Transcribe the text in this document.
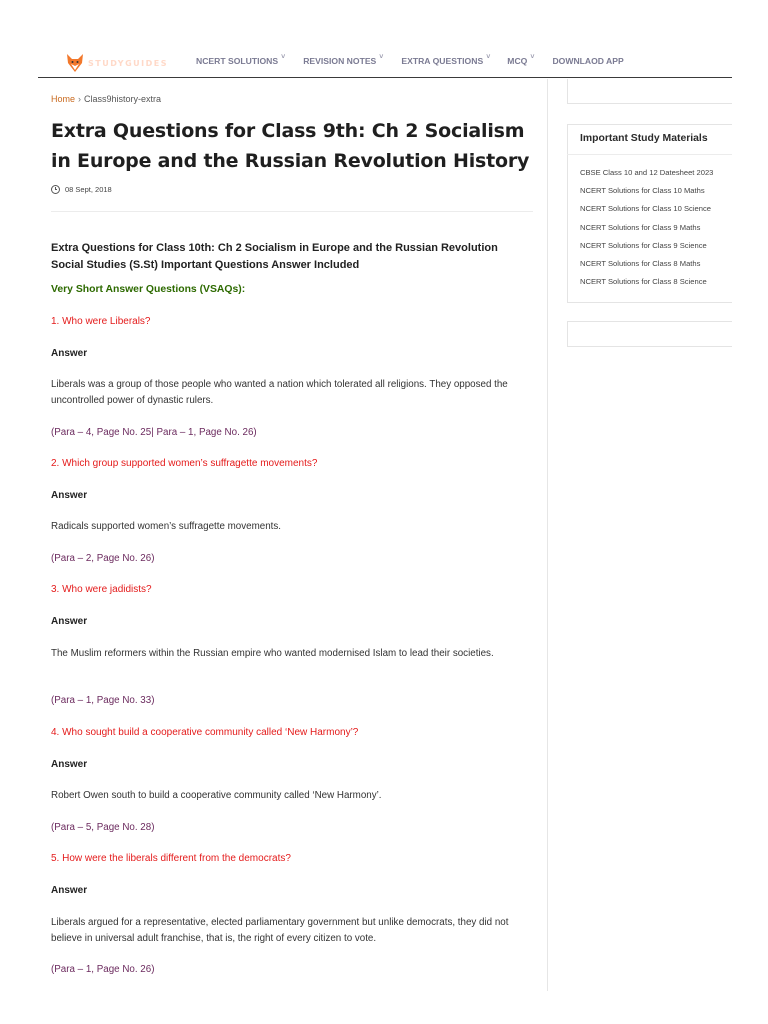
STUDYGUIDES	NCERT SOLUTIONS ˅ REVISION NOTES ˅ EXTRA QUESTIONS ˅ MCQ ˅ DOWNLAOD APP
Home › Class9history-extra
Extra Questions for Class 9th: Ch 2 Socialism in Europe and the Russian Revolution History
08 Sept, 2018
Extra Questions for Class 10th: Ch 2 Socialism in Europe and the Russian Revolution Social Studies (S.St) Important Questions Answer Included
Very Short Answer Questions (VSAQs):
1. Who were Liberals?
Answer
Liberals was a group of those people who wanted a nation which tolerated all religions. They opposed the uncontrolled power of dynastic rulers.
(Para – 4, Page No. 25| Para – 1, Page No. 26)
2. Which group supported women’s suffragette movements?
Answer
Radicals supported women’s suffragette movements.
(Para – 2, Page No. 26)
3. Who were jadidists?
Answer
The Muslim reformers within the Russian empire who wanted modernised Islam to lead their societies.
(Para – 1, Page No. 33)
4. Who sought build a cooperative community called ‘New Harmony’?
Answer
Robert Owen south to build a cooperative community called ‘New Harmony’.
(Para – 5, Page No. 28)
5. How were the liberals different from the democrats?
Answer
Liberals argued for a representative, elected parliamentary government but unlike democrats, they did not believe in universal adult franchise, that is, the right of every citizen to vote.
(Para – 1, Page No. 26)
Important Study Materials
CBSE Class 10 and 12 Datesheet 2023
NCERT Solutions for Class 10 Maths
NCERT Solutions for Class 10 Science
NCERT Solutions for Class 9 Maths
NCERT Solutions for Class 9 Science
NCERT Solutions for Class 8 Maths
NCERT Solutions for Class 8 Science
